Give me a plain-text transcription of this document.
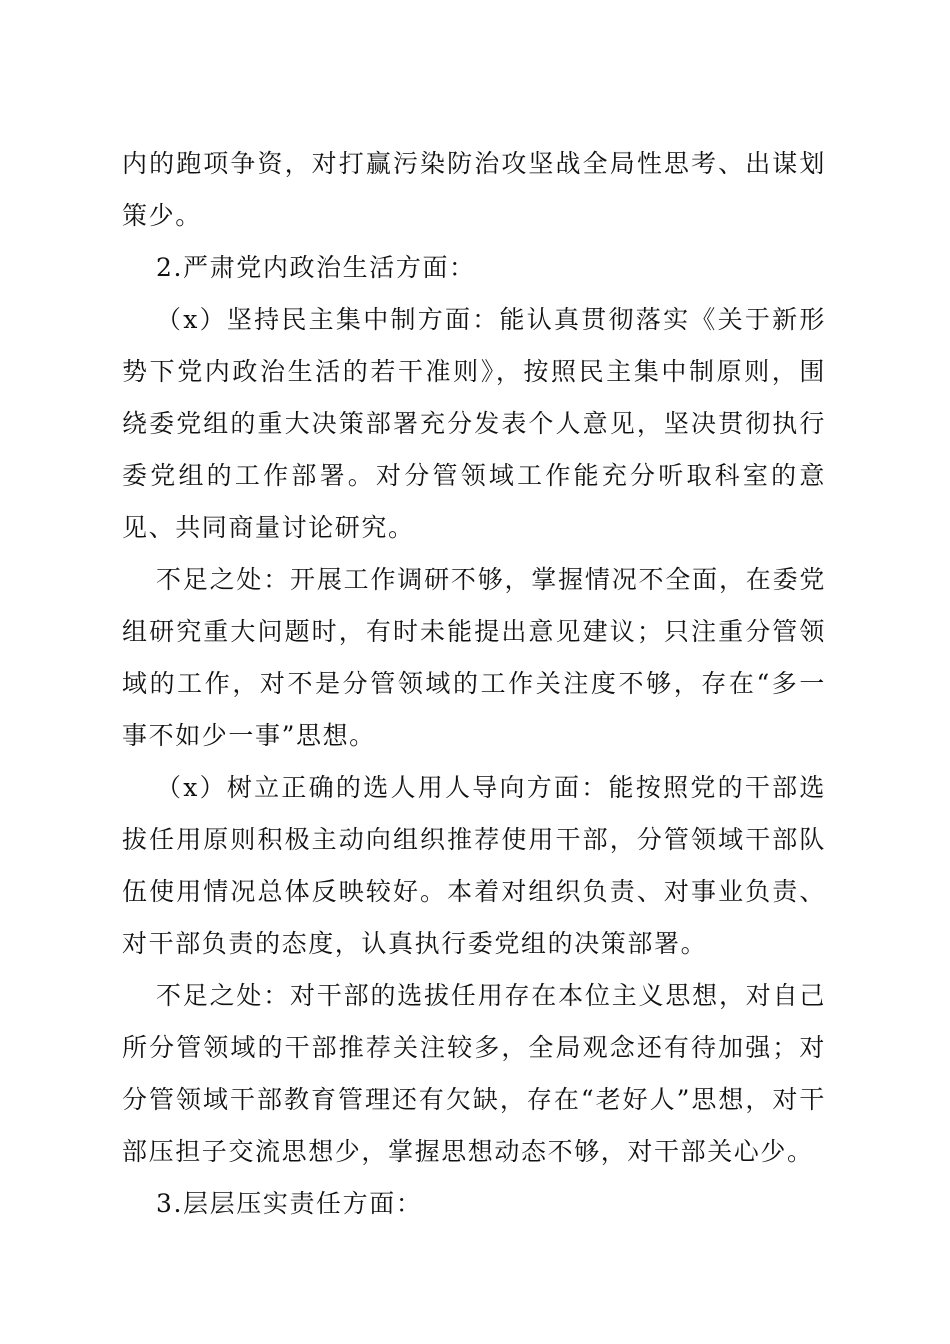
内的跑项争资，对打赢污染防治攻坚战全局性思考、出谋划策少。

2.严肃党内政治生活方面：

（x）坚持民主集中制方面：能认真贯彻落实《关于新形势下党内政治生活的若干准则》，按照民主集中制原则，围绕委党组的重大决策部署充分发表个人意见，坚决贯彻执行委党组的工作部署。对分管领域工作能充分听取科室的意见、共同商量讨论研究。

不足之处：开展工作调研不够，掌握情况不全面，在委党组研究重大问题时，有时未能提出意见建议；只注重分管领域的工作，对不是分管领域的工作关注度不够，存在“多一事不如少一事”思想。

（x）树立正确的选人用人导向方面：能按照党的干部选拔任用原则积极主动向组织推荐使用干部，分管领域干部队伍使用情况总体反映较好。本着对组织负责、对事业负责、对干部负责的态度，认真执行委党组的决策部署。

不足之处：对干部的选拔任用存在本位主义思想，对自己所分管领域的干部推荐关注较多，全局观念还有待加强；对分管领域干部教育管理还有欠缺，存在“老好人”思想，对干部压担子交流思想少，掌握思想动态不够，对干部关心少。

3.层层压实责任方面：
